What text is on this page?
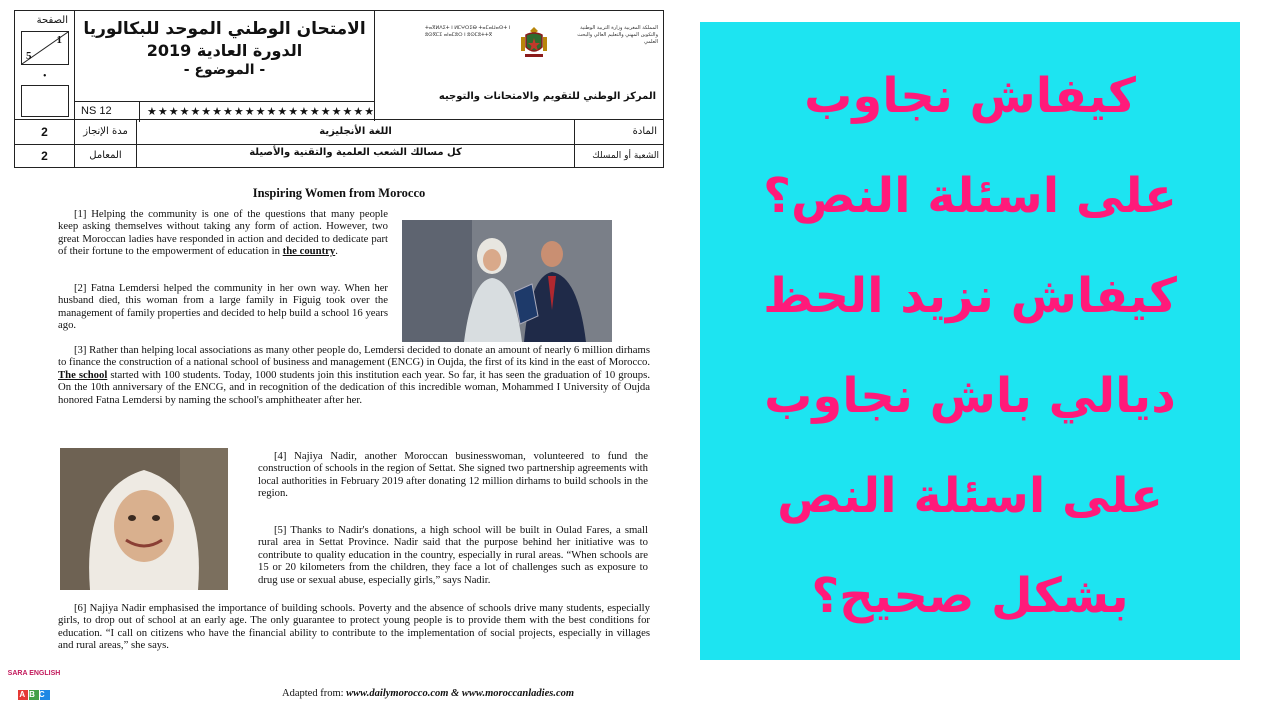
الصفحة
1
5
•
الامتحان الوطني الموحد للبكالوريا
الدورة العادية 2019
- الموضوع -
NS 12	★★★★★★★★★★★★★★★★★★★★★
ⵜⴰⴳⵍⴷⵉⵜ ⵏ ⵍⵎⵖⵔⵉⴱ ⵜⴰⵎⴰⵡⴰⵙⵜ ⵏ ⵓⵙⴳⵎⵉ ⴰⵏⴰⵎⵓⵔ ⵏ ⵓⵙⵎⵓⵜⵜⴳ
المملكة المغربية وزارة التربية الوطنية والتكوين المهني والتعليم العالي والبحث العلمي
المركز الوطني للتقويم والامتحانات والتوجيه
2	مدة الإنجاز	اللغة الأنجليزية	المادة
2	المعامل	كل مسالك الشعب العلمية والتقنية والأصيلة	الشعبة أو المسلك
Inspiring Women from Morocco

[1] Helping the community is one of the questions that many people keep asking themselves without taking any form of action. However, two great Moroccan ladies have responded in action and decided to dedicate part of their fortune to the empowerment of education in the country.

[2] Fatna Lemdersi helped the community in her own way. When her husband died, this woman from a large family in Figuig took over the management of family properties and decided to help build a school 16 years ago.

[3] Rather than helping local associations as many other people do, Lemdersi decided to donate an amount of nearly 6 million dirhams to finance the construction of a national school of business and management (ENCG) in Oujda, the first of its kind in the east of Morocco. The school started with 100 students. Today, 1000 students join this institution each year. So far, it has seen the graduation of 10 groups. On the 10th anniversary of the ENCG, and in recognition of the dedication of this incredible woman, Mohammed I University of Oujda honored Fatna Lemdersi by naming the school's amphitheater after her.

[4] Najiya Nadir, another Moroccan businesswoman, volunteered to fund the construction of schools in the region of Settat. She signed two partnership agreements with local authorities in February 2019 after donating 12 million dirhams to build schools in the region.

[5] Thanks to Nadir's donations, a high school will be built in Oulad Fares, a small rural area in Settat Province. Nadir said that the purpose behind her initiative was to contribute to quality education in the country, especially in rural areas. “When schools are 15 or 20 kilometers from the children, they face a lot of challenges such as exposure to drug use or sexual abuse, especially girls,” says Nadir.

[6] Najiya Nadir emphasised the importance of building schools. Poverty and the absence of schools drive many students, especially girls, to drop out of school at an early age. The only guarantee to protect young people is to provide them with the best conditions for education. “I call on citizens who have the financial ability to contribute to the implementation of social projects, especially in villages and rural areas,” she says.

Adapted from: www.dailymorocco.com & www.moroccanladies.com
SARA ENGLISH
ABC
كيفاش نجاوب
على اسئلة النص؟
كيفاش نزيد الحظ
ديالي باش نجاوب
على اسئلة النص
بشكل صحيح؟
